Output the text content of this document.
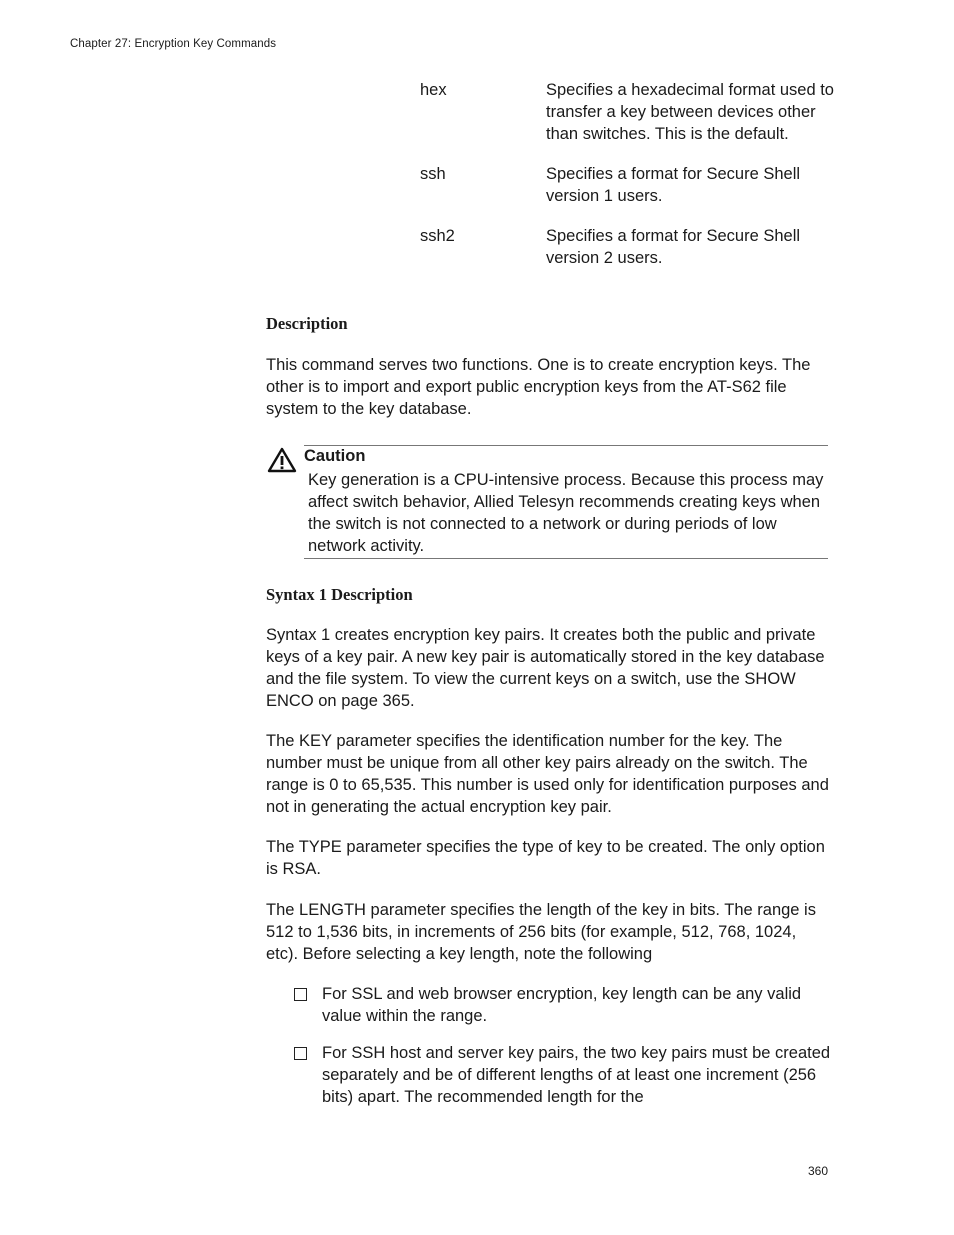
Chapter 27: Encryption Key Commands
hex	Specifies a hexadecimal format used to transfer a key between devices other than switches. This is the default.
ssh	Specifies a format for Secure Shell version 1 users.
ssh2	Specifies a format for Secure Shell version 2 users.
Description

This command serves two functions. One is to create encryption keys. The other is to import and export public encryption keys from the AT-S62 file system to the key database.

Caution

Key generation is a CPU-intensive process. Because this process may affect switch behavior, Allied Telesyn recommends creating keys when the switch is not connected to a network or during periods of low network activity.

Syntax 1 Description

Syntax 1 creates encryption key pairs. It creates both the public and private keys of a key pair. A new key pair is automatically stored in the key database and the file system. To view the current keys on a switch, use the SHOW ENCO on page 365.

The KEY parameter specifies the identification number for the key. The number must be unique from all other key pairs already on the switch. The range is 0 to 65,535. This number is used only for identification purposes and not in generating the actual encryption key pair.

The TYPE parameter specifies the type of key to be created. The only option is RSA.

The LENGTH parameter specifies the length of the key in bits. The range is 512 to 1,536 bits, in increments of 256 bits (for example, 512, 768, 1024, etc). Before selecting a key length, note the following

For SSL and web browser encryption, key length can be any valid value within the range.
For SSH host and server key pairs, the two key pairs must be created separately and be of different lengths of at least one increment (256 bits) apart. The recommended length for the
360
